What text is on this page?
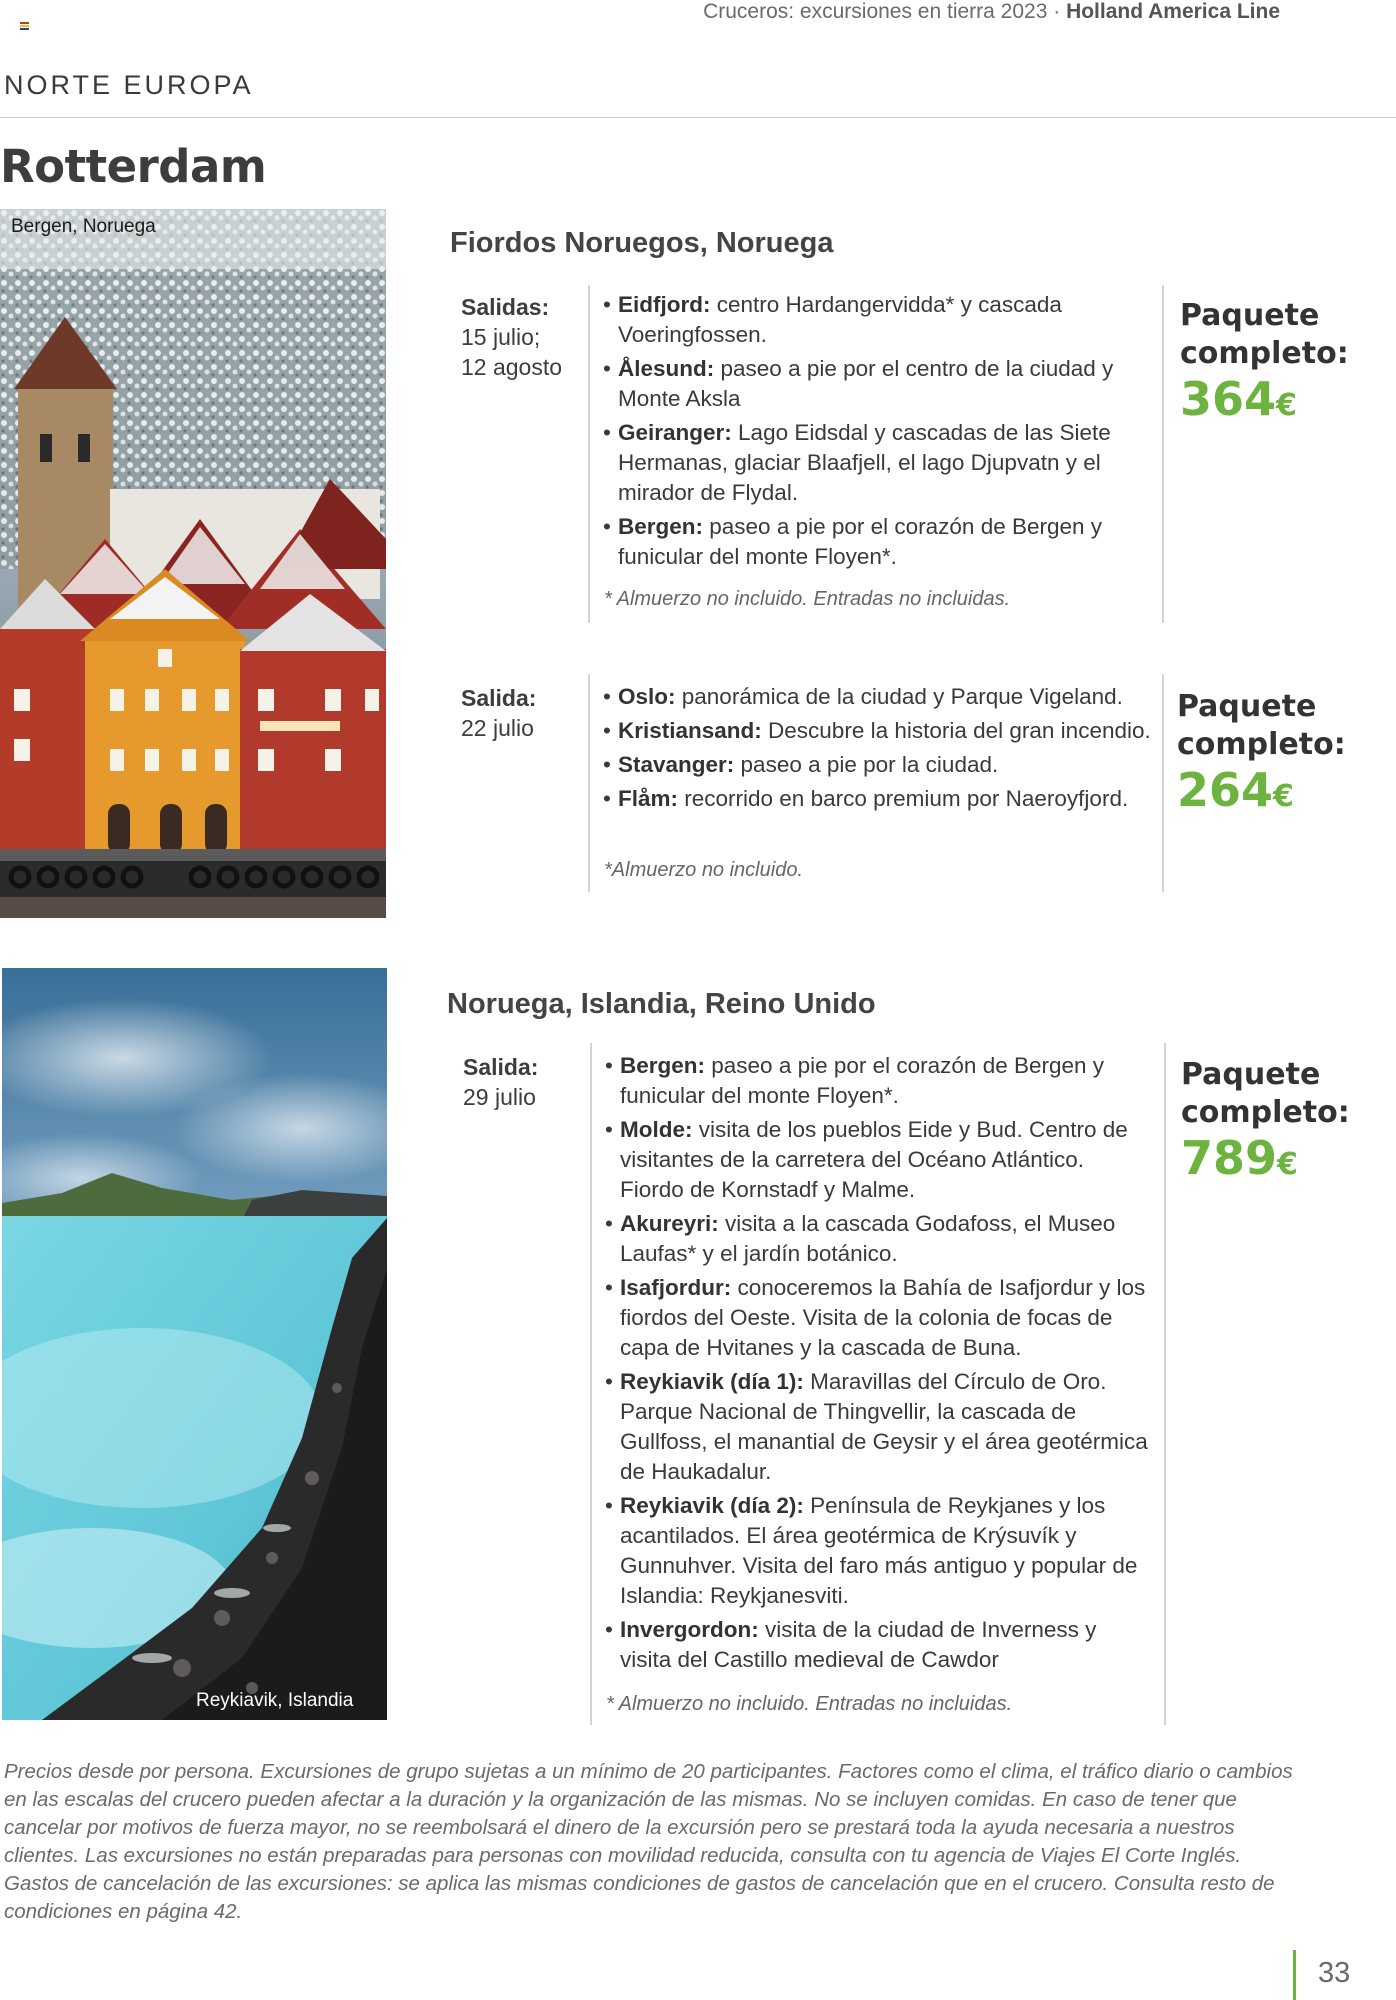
Cruceros: excursiones en tierra 2023 · Holland America Line
NORTE EUROPA
Rotterdam
Bergen, Noruega
Reykiavik, Islandia
Fiordos Noruegos, Noruega
Salidas:
15 julio;
12 agosto
• Eidfjord: centro Hardangervidda* y cascada Voeringfossen.
• Ålesund: paseo a pie por el centro de la ciudad y Monte Aksla
• Geiranger: Lago Eidsdal y cascadas de las Siete Hermanas, glaciar Blaafjell, el lago Djupvatn y el mirador de Flydal.
• Bergen: paseo a pie por el corazón de Bergen y funicular del monte Floyen*.
* Almuerzo no incluido. Entradas no incluidas.
Paquete
completo:
364€
Salida:
22 julio
• Oslo: panorámica de la ciudad y Parque Vigeland.
• Kristiansand: Descubre la historia del gran incendio.
• Stavanger: paseo a pie por la ciudad.
• Flåm: recorrido en barco premium por Naeroyfjord.
*Almuerzo no incluido.
Paquete
completo:
264€
Noruega, Islandia, Reino Unido
Salida:
29 julio
• Bergen: paseo a pie por el corazón de Bergen y funicular del monte Floyen*.
• Molde: visita de los pueblos Eide y Bud. Centro de visitantes de la carretera del Océano Atlántico. Fiordo de Kornstadf y Malme.
• Akureyri: visita a la cascada Godafoss, el Museo Laufas* y el jardín botánico.
• Isafjordur: conoceremos la Bahía de Isafjordur y los fiordos del Oeste. Visita de la colonia de focas de capa de Hvitanes y la cascada de Buna.
• Reykiavik (día 1): Maravillas del Círculo de Oro. Parque Nacional de Thingvellir, la cascada de Gullfoss, el manantial de Geysir y el área geotérmica de Haukadalur.
• Reykiavik (día 2): Península de Reykjanes y los acantilados. El área geotérmica de Krýsuvík y Gunnuhver. Visita del faro más antiguo y popular de Islandia: Reykjanesviti.
• Invergordon: visita de la ciudad de Inverness y visita del Castillo medieval de Cawdor
* Almuerzo no incluido. Entradas no incluidas.
Paquete
completo:
789€
Precios desde por persona. Excursiones de grupo sujetas a un mínimo de 20 participantes. Factores como el clima, el tráfico diario o cambios en las escalas del crucero pueden afectar a la duración y la organización de las mismas. No se incluyen comidas. En caso de tener que cancelar por motivos de fuerza mayor, no se reembolsará el dinero de la excursión pero se prestará toda la ayuda necesaria a nuestros clientes. Las excursiones no están preparadas para personas con movilidad reducida, consulta con tu agencia de Viajes El Corte Inglés. Gastos de cancelación de las excursiones: se aplica las mismas condiciones de gastos de cancelación que en el crucero. Consulta resto de condiciones en página 42.
33
